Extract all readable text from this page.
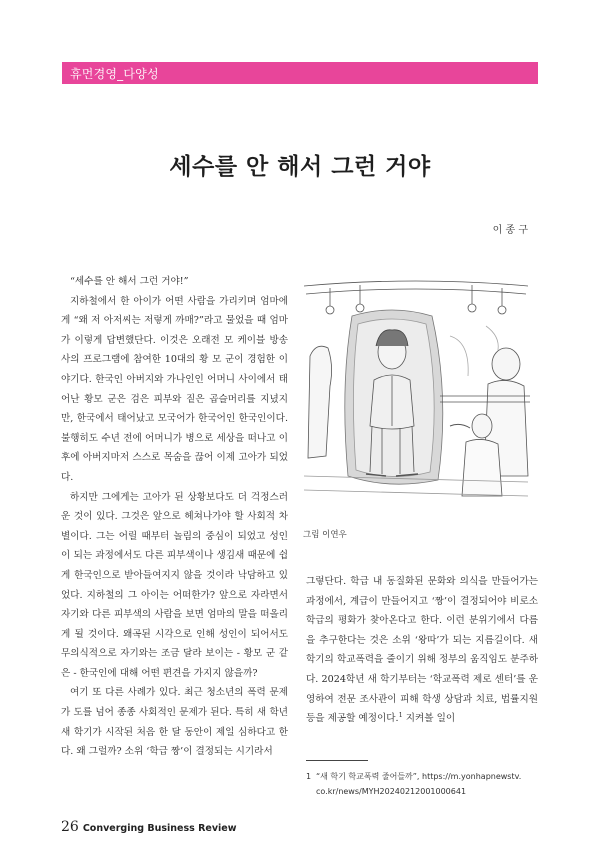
휴먼경영_다양성
세수를 안 해서 그런 거야
이 종 구

“세수를 안 해서 그런 거야!”

지하철에서 한 아이가 어떤 사람을 가리키며 엄마에게 “왜 저 아저씨는 저렇게 까매?”라고 물었을 때 엄마가 이렇게 답변했단다. 이것은 오래전 모 케이블 방송사의 프로그램에 참여한 10대의 황 모 군이 경험한 이야기다. 한국인 아버지와 가나인인 어머니 사이에서 태어난 황모 군은 검은 피부와 짙은 곱슬머리를 지녔지만, 한국에서 태어났고 모국어가 한국어인 한국인이다. 불행히도 수년 전에 어머니가 병으로 세상을 떠나고 이후에 아버지마저 스스로 목숨을 끊어 이제 고아가 되었다.

하지만 그에게는 고아가 된 상황보다도 더 걱정스러운 것이 있다. 그것은 앞으로 헤쳐나가야 할 사회적 차별이다. 그는 어릴 때부터 놀림의 중심이 되었고 성인이 되는 과정에서도 다른 피부색이나 생김새 때문에 쉽게 한국인으로 받아들여지지 않을 것이라 낙담하고 있었다. 지하철의 그 아이는 어떠한가? 앞으로 자라면서 자기와 다른 피부색의 사람을 보면 엄마의 말을 떠올리게 될 것이다. 왜곡된 시각으로 인해 성인이 되어서도 무의식적으로 자기와는 조금 달라 보이는 - 황모 군 같은 - 한국인에 대해 어떤 편견을 가지지 않을까?

여기 또 다른 사례가 있다. 최근 청소년의 폭력 문제가 도를 넘어 종종 사회적인 문제가 된다. 특히 새 학년 새 학기가 시작된 처음 한 달 동안이 제일 심하다고 한다. 왜 그럴까? 소위 ‘학급 짱’이 결정되는 시기라서

그림 이연우

그렇단다. 학급 내 동질화된 문화와 의식을 만들어가는 과정에서, 계급이 만들어지고 ‘짱’이 결정되어야 비로소 학급의 평화가 찾아온다고 한다. 이런 분위기에서 다름을 추구한다는 것은 소위 ‘왕따’가 되는 지름길이다. 새 학기의 학교폭력을 줄이기 위해 정부의 움직임도 분주하다. 2024학년 새 학기부터는 ‘학교폭력 제로 센터’를 운영하여 전문 조사관이 피해 학생 상담과 치료, 법률지원 등을 제공할 예정이다.$^1$ 지켜볼 일이

1 “새 학기 학교폭력 줄어들까”, https://m.yonhapnewstv.
co.kr/news/MYH20240212001000641
26 Converging Business Review
